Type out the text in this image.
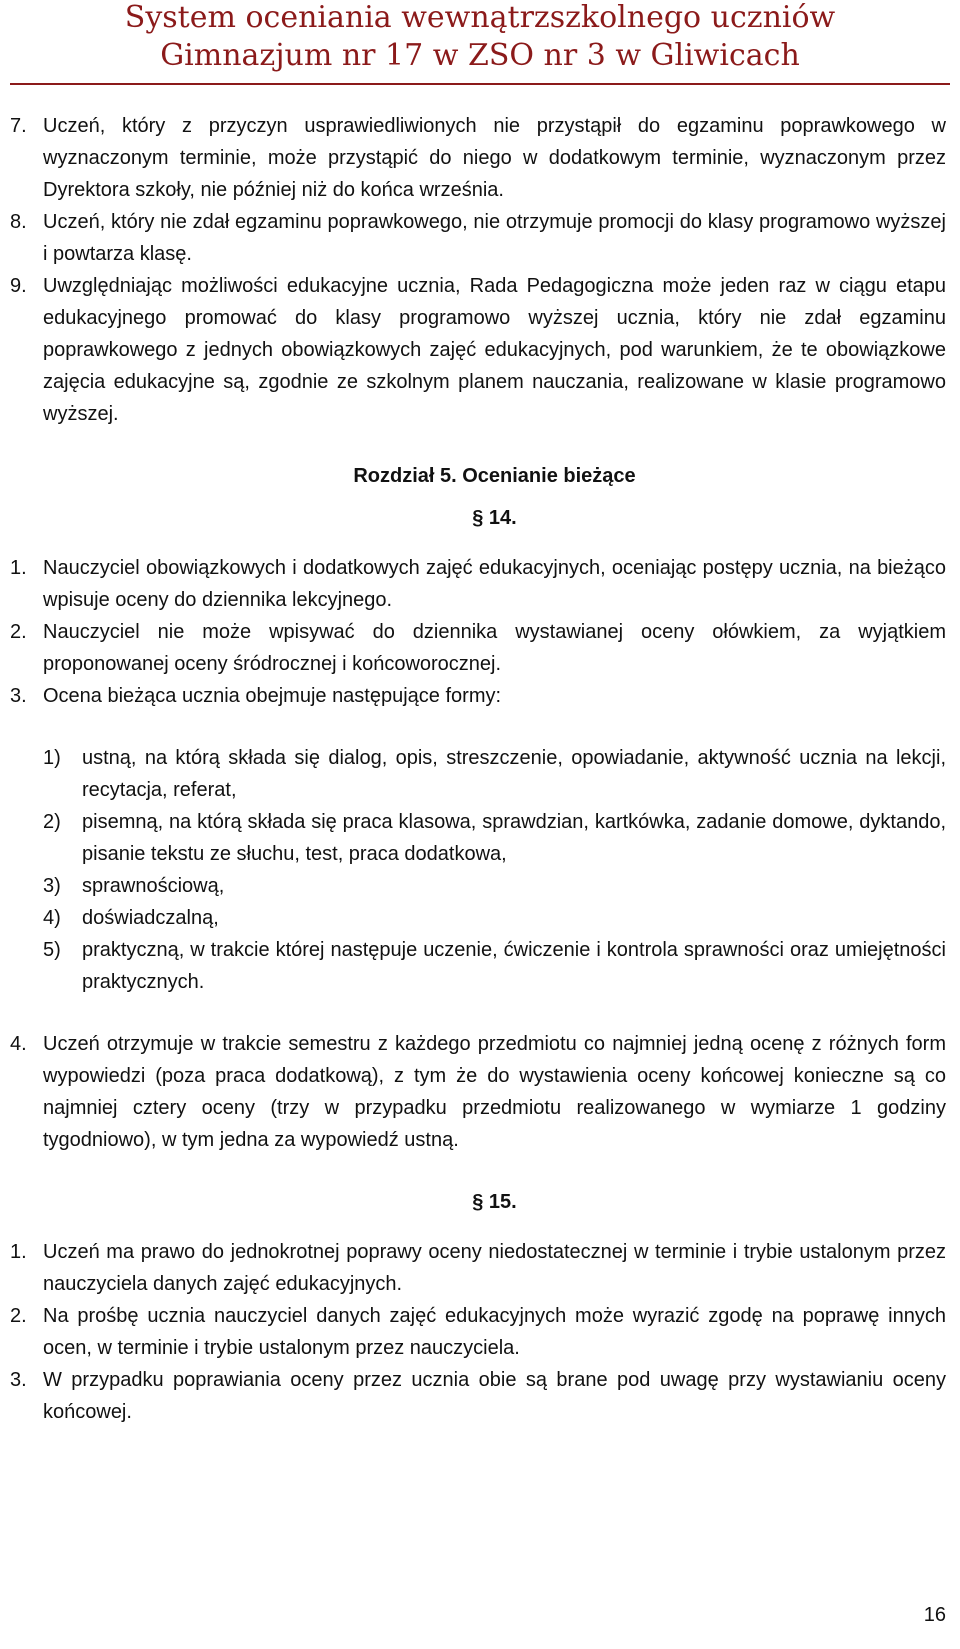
System oceniania wewnątrzszkolnego uczniów
Gimnazjum nr 17 w ZSO nr 3 w Gliwicach
7. Uczeń, który z przyczyn usprawiedliwionych nie przystąpił do egzaminu poprawkowego w wyznaczonym terminie, może przystąpić do niego w dodatkowym terminie, wyznaczonym przez Dyrektora szkoły, nie później niż do końca września.
8. Uczeń, który nie zdał egzaminu poprawkowego, nie otrzymuje promocji do klasy programowo wyższej i powtarza klasę.
9. Uwzględniając możliwości edukacyjne ucznia, Rada Pedagogiczna może jeden raz w ciągu etapu edukacyjnego promować do klasy programowo wyższej ucznia, który nie zdał egzaminu poprawkowego z jednych obowiązkowych zajęć edukacyjnych, pod warunkiem, że te obowiązkowe zajęcia edukacyjne są, zgodnie ze szkolnym planem nauczania, realizowane w klasie programowo wyższej.
Rozdział 5. Ocenianie bieżące
§ 14.
1. Nauczyciel obowiązkowych i dodatkowych zajęć edukacyjnych, oceniając postępy ucznia, na bieżąco wpisuje oceny do dziennika lekcyjnego.
2. Nauczyciel nie może wpisywać do dziennika wystawianej oceny ołówkiem, za wyjątkiem proponowanej oceny śródrocznej i końcoworocznej.
3. Ocena bieżąca ucznia obejmuje następujące formy:
1) ustną, na którą składa się dialog, opis, streszczenie, opowiadanie, aktywność ucznia na lekcji, recytacja, referat,
2) pisemną, na którą składa się praca klasowa, sprawdzian, kartkówka, zadanie domowe, dyktando, pisanie tekstu ze słuchu, test, praca dodatkowa,
3) sprawnościową,
4) doświadczalną,
5) praktyczną, w trakcie której następuje uczenie, ćwiczenie i kontrola sprawności oraz umiejętności praktycznych.
4. Uczeń otrzymuje w trakcie semestru z każdego przedmiotu co najmniej jedną ocenę z różnych form wypowiedzi (poza praca dodatkową), z tym że do wystawienia oceny końcowej konieczne są co najmniej cztery oceny (trzy w przypadku przedmiotu realizowanego w wymiarze 1 godziny tygodniowo), w tym jedna za wypowiedź ustną.
§ 15.
1. Uczeń ma prawo do jednokrotnej poprawy oceny niedostatecznej w terminie i trybie ustalonym przez nauczyciela danych zajęć edukacyjnych.
2. Na prośbę ucznia nauczyciel danych zajęć edukacyjnych może wyrazić zgodę na poprawę innych ocen, w terminie i trybie ustalonym przez nauczyciela.
3. W przypadku poprawiania oceny przez ucznia obie są brane pod uwagę przy wystawianiu oceny końcowej.
16
